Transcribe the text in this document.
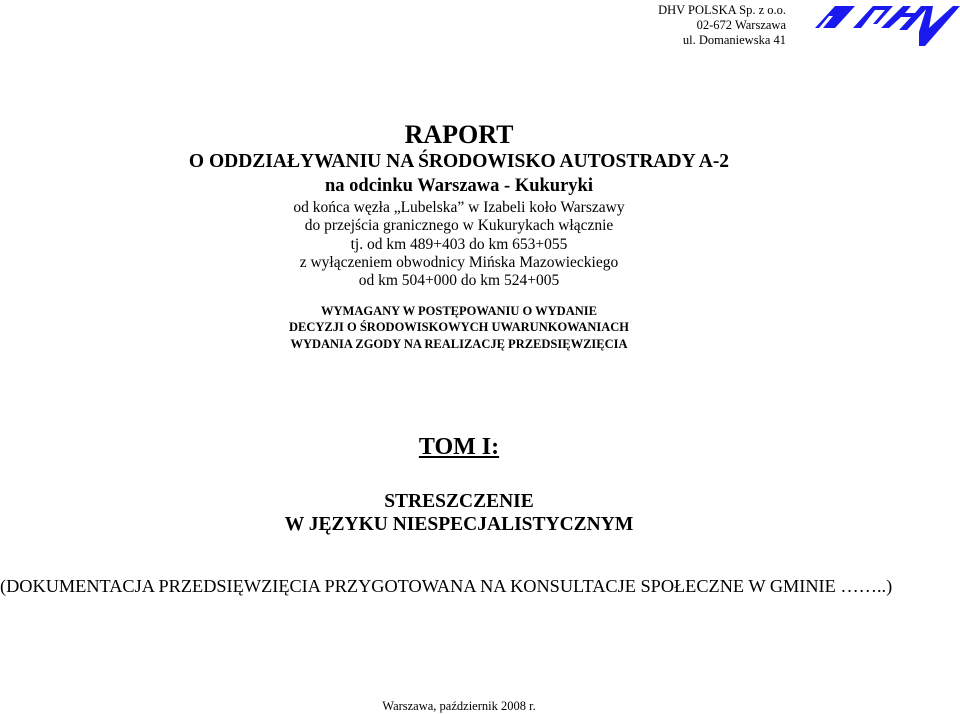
DHV POLSKA Sp. z o.o.
02-672 Warszawa
ul. Domaniewska 41
RAPORT
O ODDZIAŁYWANIU NA ŚRODOWISKO AUTOSTRADY A-2
na odcinku Warszawa - Kukuryki
od końca węzła „Lubelska” w Izabeli koło Warszawy
do przejścia granicznego w Kukurykach włącznie
tj. od km 489+403 do km 653+055
z wyłączeniem obwodnicy Mińska Mazowieckiego
od km 504+000 do km 524+005
WYMAGANY W POSTĘPOWANIU O WYDANIE
DECYZJI O ŚRODOWISKOWYCH UWARUNKOWANIACH
WYDANIA ZGODY NA REALIZACJĘ PRZEDSIĘWZIĘCIA
TOM I:
STRESZCZENIE
W JĘZYKU NIESPECJALISTYCZNYM
(DOKUMENTACJA PRZEDSIĘWZIĘCIA PRZYGOTOWANA NA KONSULTACJE SPOŁECZNE W GMINIE ……..)
Warszawa, październik 2008 r.
